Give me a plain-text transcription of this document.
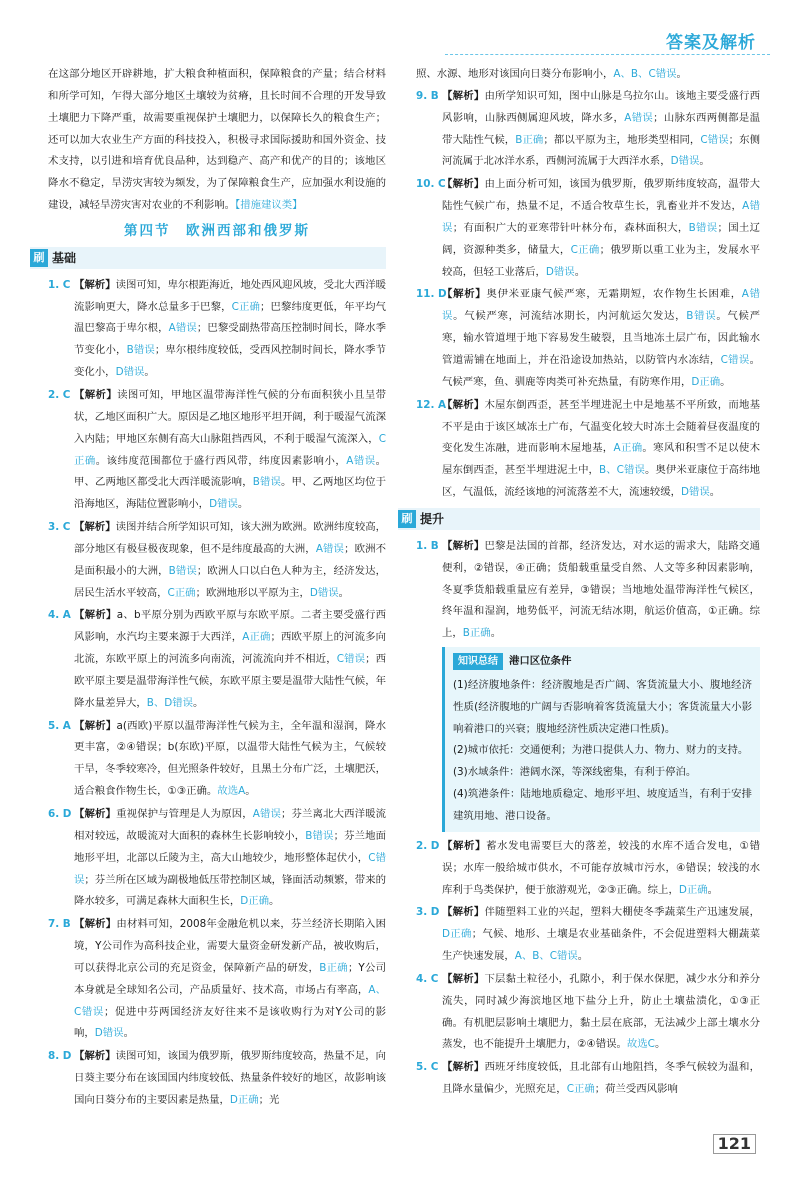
答案及解析

在这部分地区开辟耕地，扩大粮食种植面积，保障粮食的产量；结合材料和所学可知，乍得大部分地区土壤较为贫瘠，且长时间不合理的开发导致土壤肥力下降严重，故需要重视保护土壤肥力，以保障长久的粮食生产；还可以加大农业生产方面的科技投入，积极寻求国际援助和国外资金、技术支持，以引进和培育优良品种，达到稳产、高产和优产的目的；该地区降水不稳定，旱涝灾害较为频发，为了保障粮食生产，应加强水利设施的建设，减轻旱涝灾害对农业的不利影响。【措施建议类】

第四节　欧洲西部和俄罗斯
刷 基础
1. C 【解析】读图可知，卑尔根距海近，地处西风迎风坡，受北大西洋暖流影响更大，降水总量多于巴黎，C正确；巴黎纬度更低，年平均气温巴黎高于卑尔根，A错误；巴黎受副热带高压控制时间长，降水季节变化小，B错误；卑尔根纬度较低，受西风控制时间长，降水季节变化小，D错误。
2. C 【解析】读图可知，甲地区温带海洋性气候的分布面积狭小且呈带状，乙地区面积广大。原因是乙地区地形平坦开阔，利于暖湿气流深入内陆；甲地区东侧有高大山脉阻挡西风，不利于暖湿气流深入，C正确。该纬度范围都位于盛行西风带，纬度因素影响小，A错误。甲、乙两地区都受北大西洋暖流影响，B错误。甲、乙两地区均位于沿海地区，海陆位置影响小，D错误。
3. C 【解析】读图并结合所学知识可知，该大洲为欧洲。欧洲纬度较高，部分地区有极昼极夜现象，但不是纬度最高的大洲，A错误；欧洲不是面积最小的大洲，B错误；欧洲人口以白色人种为主，经济发达，居民生活水平较高，C正确；欧洲地形以平原为主，D错误。
4. A 【解析】a、b平原分别为西欧平原与东欧平原。二者主要受盛行西风影响，水汽均主要来源于大西洋，A正确；西欧平原上的河流多向北流，东欧平原上的河流多向南流，河流流向并不相近，C错误；西欧平原主要是温带海洋性气候，东欧平原主要是温带大陆性气候，年降水量差异大，B、D错误。
5. A 【解析】a(西欧)平原以温带海洋性气候为主，全年温和湿润，降水更丰富，②④错误；b(东欧)平原，以温带大陆性气候为主，气候较干旱，冬季较寒冷，但光照条件较好，且黑土分布广泛，土壤肥沃，适合粮食作物生长，①③正确。故选A。
6. D 【解析】重视保护与管理是人为原因，A错误；芬兰离北大西洋暖流相对较远，故暖流对大面积的森林生长影响较小，B错误；芬兰地面地形平坦，北部以丘陵为主，高大山地较少，地形整体起伏小，C错误；芬兰所在区域为副极地低压带控制区域，锋面活动频繁，带来的降水较多，可满足森林大面积生长，D正确。
7. B 【解析】由材料可知，2008年金融危机以来，芬兰经济长期陷入困境，Y公司作为高科技企业，需要大量资金研发新产品，被收购后，可以获得北京公司的充足资金，保障新产品的研发，B正确；Y公司本身就是全球知名公司，产品质量好、技术高，市场占有率高，A、C错误；促进中芬两国经济友好往来不是该收购行为对Y公司的影响，D错误。
8. D 【解析】读图可知，该国为俄罗斯，俄罗斯纬度较高，热量不足，向日葵主要分布在该国国内纬度较低、热量条件较好的地区，故影响该国向日葵分布的主要因素是热量，D正确；光

照、水源、地形对该国向日葵分布影响小，A、B、C错误。

9. B 【解析】由所学知识可知，图中山脉是乌拉尔山。该地主要受盛行西风影响，山脉西侧属迎风坡，降水多，A错误；山脉东西两侧都是温带大陆性气候，B正确；都以平原为主，地形类型相同，C错误；东侧河流属于北冰洋水系，西侧河流属于大西洋水系，D错误。
10. C
【解析】由上面分析可知，该国为俄罗斯，俄罗斯纬度较高，温带大陆性气候广布，热量不足，不适合牧草生长，乳畜业并不发达，A错误；有面积广大的亚寒带针叶林分布，森林面积大，B错误；国土辽阔，资源种类多，储量大，C正确；俄罗斯以重工业为主，发展水平较高，但轻工业落后，D错误。
11. D
【解析】奥伊米亚康气候严寒，无霜期短，农作物生长困难，A错误。气候严寒，河流结冰期长，内河航运欠发达，B错误。气候严寒，输水管道埋于地下容易发生破裂，且当地冻土层广布，因此输水管道需铺在地面上，并在沿途设加热站，以防管内水冻结，C错误。气候严寒，鱼、驯鹿等肉类可补充热量，有防寒作用，D正确。
12. A
【解析】木屋东倒西歪，甚至半埋进泥土中是地基不平所致，而地基不平是由于该区域冻土广布，气温变化较大时冻土会随着昼夜温度的变化发生冻融，进而影响木屋地基，A正确。寒风和积雪不足以使木屋东倒西歪，甚至半埋进泥土中，B、C错误。奥伊米亚康位于高纬地区，气温低，流经该地的河流落差不大，流速较缓，D错误。
刷 提升
1. B 【解析】巴黎是法国的首都，经济发达，对水运的需求大，陆路交通便利，②错误，④正确；货船载重量受自然、人文等多种因素影响，冬夏季货船载重量应有差异，③错误；当地地处温带海洋性气候区，终年温和湿润，地势低平，河流无结冰期，航运价值高，①正确。综上，B正确。
知识总结 港口区位条件
(1)经济腹地条件：经济腹地是否广阔、客货流量大小、腹地经济性质(经济腹地的广阔与否影响着客货流量大小；客货流量大小影响着港口的兴衰；腹地经济性质决定港口性质)。
(2)城市依托：交通便利；为港口提供人力、物力、财力的支持。
(3)水域条件：港阔水深，等深线密集，有利于停泊。
(4)筑港条件：陆地地质稳定、地形平坦、坡度适当，有利于安排建筑用地、港口设备。
2. D 【解析】蓄水发电需要巨大的落差，较浅的水库不适合发电，①错误；水库一般给城市供水，不可能存放城市污水，④错误；较浅的水库利于鸟类保护，便于旅游观光，②③正确。综上，D正确。
3. D 【解析】伴随塑料工业的兴起，塑料大棚使冬季蔬菜生产迅速发展，D正确；气候、地形、土壤是农业基础条件，不会促进塑料大棚蔬菜生产快速发展，A、B、C错误。
4. C 【解析】下层黏土粒径小，孔隙小，利于保水保肥，减少水分和养分流失，同时减少海滨地区地下盐分上升，防止土壤盐渍化，①③正确。有机肥层影响土壤肥力，黏土层在底部，无法减少上部土壤水分蒸发，也不能提升土壤肥力，②④错误。故选C。
5. C 【解析】西班牙纬度较低，且北部有山地阻挡，冬季气候较为温和，且降水量偏少，光照充足，C正确；荷兰受西风影响
121
